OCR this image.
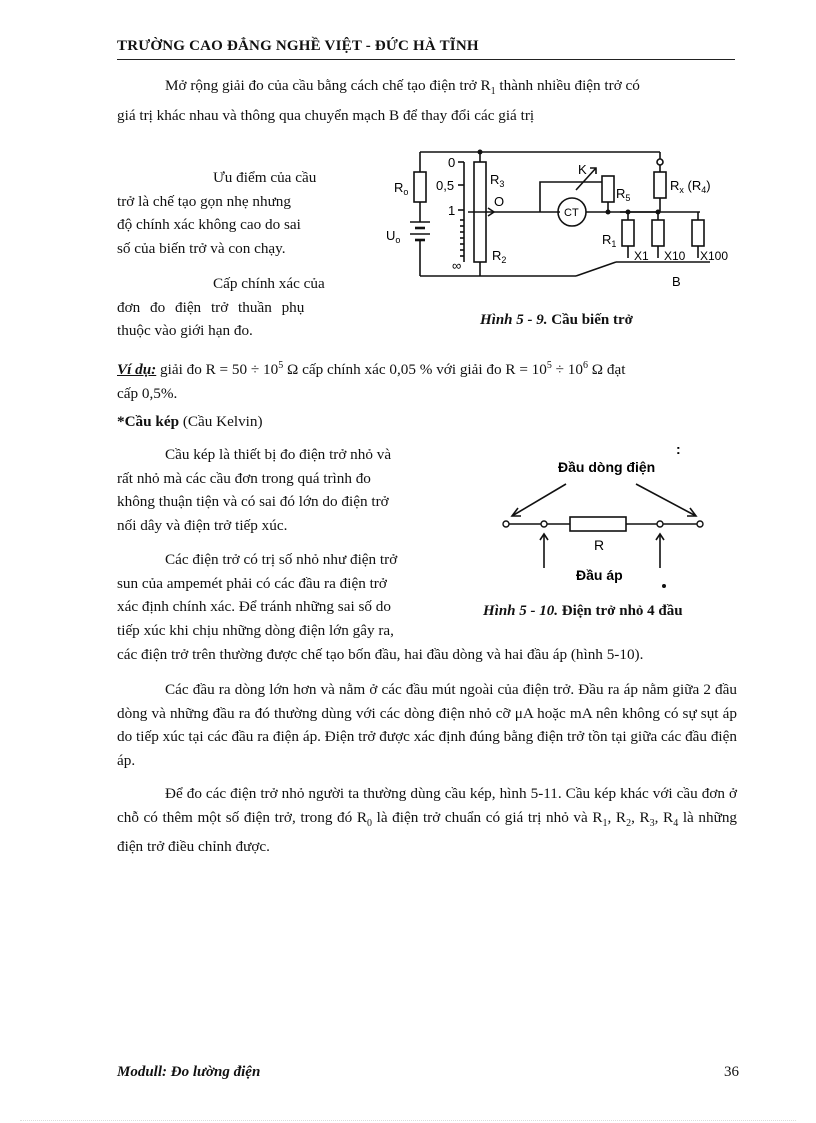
TRƯỜNG CAO ĐẲNG NGHỀ VIỆT - ĐỨC HÀ TĨNH
Mở rộng giải đo của cầu bằng cách chế tạo điện trở $R_1$ thành nhiều điện trở có
giá trị khác nhau và thông qua chuyển mạch B để thay đổi các giá trị
Ưu điểm của cầu
trở là chế tạo gọn nhẹ nhưng
độ chính xác không cao do sai
số của biến trở và con chạy.
Cấp chính xác của
đơn đo điện trở thuần phụ
thuộc vào giới hạn đo.
$R_o$
$U_o$
0
0,5
1
∞
$R_3$
$R_2$
O
K
CT
$R_5$
$R_1$
$R_x$ $(R_4)$
X1 X10 X100
B
Hình 5 - 9. Cầu biến trở
Ví dụ: giải đo $R = 50 \div 10^5$ Ω cấp chính xác 0,05 % với giải đo $R = 10^5 \div 10^6$ Ω đạt
cấp 0,5%.
*Cầu kép (Cầu Kelvin)
Cầu kép là thiết bị đo điện trở nhỏ và
rất nhỏ mà các cầu đơn trong quá trình đo
không thuận tiện và có sai đó lớn do điện trở
nối dây và điện trở tiếp xúc.
Các điện trở có trị số nhỏ như điện trở
sun của ampemét phải có các đầu ra điện trở
xác định chính xác. Để tránh những sai số do
tiếp xúc khi chịu những dòng điện lớn gây ra,
các điện trở trên thường được chế tạo bốn đầu, hai đầu dòng và hai đầu áp (hình 5-10).
Đầu dòng điện
:
R
Đầu áp
Hình 5 - 10. Điện trở nhỏ 4 đầu
Các đầu ra dòng lớn hơn và nằm ở các đầu mút ngoài của điện trở. Đầu ra áp nằm giữa 2 đầu dòng và những đầu ra đó thường dùng với các dòng điện nhỏ cỡ μA hoặc mA nên không có sự sụt áp do tiếp xúc tại các đầu ra điện áp. Điện trở được xác định đúng bằng điện trở tồn tại giữa các đầu điện áp.
Để đo các điện trở nhỏ người ta thường dùng cầu kép, hình 5-11. Cầu kép khác với cầu đơn ở chỗ có thêm một số điện trở, trong đó $R_0$ là điện trở chuẩn có giá trị nhỏ và $R_1$, $R_2$, $R_3$, $R_4$ là những điện trở điều chỉnh được.
Modull: Đo lường điện	36
